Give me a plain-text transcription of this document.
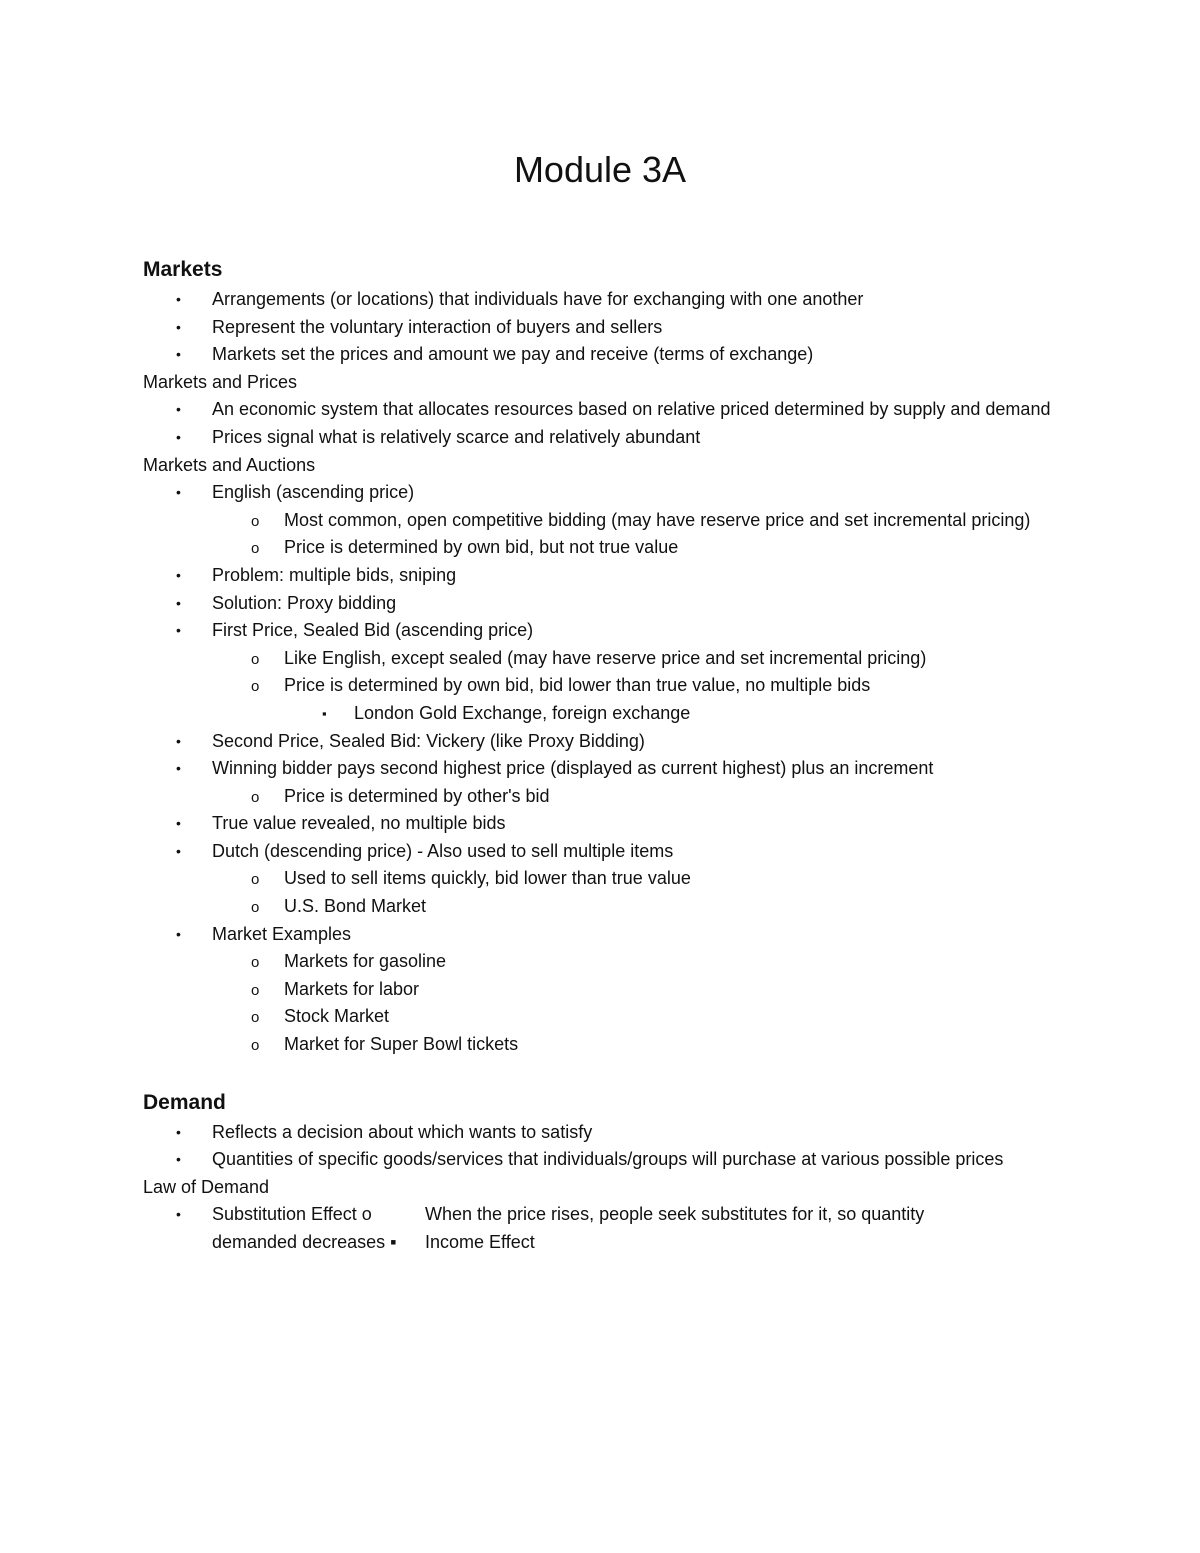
Module 3A
Markets
• Arrangements (or locations) that individuals have for exchanging with one another
• Represent the voluntary interaction of buyers and sellers
• Markets set the prices and amount we pay and receive (terms of exchange)
Markets and Prices
• An economic system that allocates resources based on relative priced determined by supply and demand
• Prices signal what is relatively scarce and relatively abundant
Markets and Auctions
• English (ascending price)
o Most common, open competitive bidding (may have reserve price and set incremental pricing)
o Price is determined by own bid, but not true value
• Problem: multiple bids, sniping
• Solution: Proxy bidding
• First Price, Sealed Bid (ascending price)
o Like English, except sealed (may have reserve price and set incremental pricing)
o Price is determined by own bid, bid lower than true value, no multiple bids
▪ London Gold Exchange, foreign exchange
• Second Price, Sealed Bid: Vickery (like Proxy Bidding)
• Winning bidder pays second highest price (displayed as current highest) plus an increment
o Price is determined by other's bid
• True value revealed, no multiple bids
• Dutch (descending price) - Also used to sell multiple items
o Used to sell items quickly, bid lower than true value
o U.S. Bond Market
• Market Examples
o Markets for gasoline
o Markets for labor
o Stock Market
o Market for Super Bowl tickets
Demand
• Reflects a decision about which wants to satisfy
• Quantities of specific goods/services that individuals/groups will purchase at various possible prices
Law of Demand
• Substitution Effect o	When the price rises, people seek substitutes for it, so quantity
demanded decreases ▪ Income Effect
